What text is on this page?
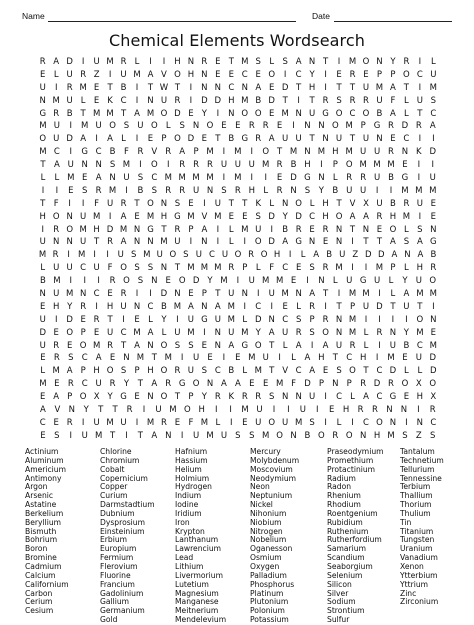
Name	Date
Chemical Elements Wordsearch
R A D	I	U M R L	I	I	H N R E T M S L S A N T	I	M O N Y R	I	L
E L U R Z	I	U M A V O H N E E C E O	I	C Y	I	E R E P P O C U
U	I	R M E T B	I	T W T	I	N N C N A E D T H	I	T T U M A T	I	M
N M U L E K C	I	N U R	I	D D H M B D T	I	T R S R R U F	L U S
G R B T M M T A M O D E Y	I	N O O E M N U G O C O B A L T C
M U	I	M U O S U O L	S N O E	E R R E	I	N N O M P G R D R A
O U D A	I	A L	I	E P O D E T B G R A U U T N U T U N E C	I	I
M C	I	G C B	F	R V R A P M	I	M	I	O T M N M H M U U R N K D
T A U N N S M	I	O	I	R R R U U U M R B H	I	P O M M M E	I	I
L	L M E A N U S C M M M M	I	M	I	I	E D G N L	R R U B G	I	U
I	I	E	S R M	I	B S R R U N S R H L	R N S	Y B U U	I	I	M M M
T F	I	I	F U R T O N S E	I	U T T K L N O L H T V X U B R U E
H O N U M	I	A E M H G M V M E E S D Y D C H O A A R H M	I	E
I	R O M H D M N G T R P A	I	L M U	I	B R E R N T N E O L S N
U N N U T R A N N M U	I	N	I	L	I	O D A G N E N	I	T T A S A G
M R	I M I	I	U S M U O S U C U O R O H	I	L A B U Z D D A N A B
L U U C U F O S S N T M M M R P	L	F C E S R M	I	I	M P	L H R
B M	I	I	I	R O S N E O D Y M	I	U M M E	I	N L U G U L	Y U O
N U M N C E R	I	I	D N E P T U N	I	U M N A T	I	M M	I	L A M M
E H Y R	I	H U N C B M A N A M	I	C	I	E L R	I	T P U D T U T	I
U	I	D E R T	I	E L Y	I	U G U M L D N C S P R N M	I	I	I	I	O N
D E O P E U C M A L U M	I	N U M Y A U R S O N M L R N Y M E
U R E O M R T A N O S S E N A G O T	L A	I	A U R L	I	U B C M
E R S C A E N M T M	I	U E	I	E M U	I	L	A H T C H	I	M E U D
L M A P H O S P H O R U S C B L M T V C A E S O T C D L	L D
M E R C U R Y	T A R G O N A A E	E M F D P N P R D R O X O
E A P O X Y G E N O T P Y R K R R S N N U	I	C L A C G E H X
A	V N	Y	T	T	R	I	U M O H	I	I	M U	I	I	U	I	E	H R	R N N	I	R
C E R	I	U M U	I	M R E F M L	I	E U O U M S	I	L	I	C O N	I	N C
E	S	I	U M T	I	T A N	I	U M U S	S M O N B O R O N H M S Z S
Actinium
Aluminum
Americium
Antimony
Argon
Arsenic
Astatine
Berkelium
Beryllium
Bismuth
Bohrium
Boron
Bromine
Cadmium
Calcium
Californium
Carbon
Cerium
Cesium
Chlorine
Chromium
Cobalt
Copernicium
Copper
Curium
Darmstadtium
Dubnium
Dysprosium
Einsteinium
Erbium
Europium
Fermium
Flerovium
Fluorine
Francium
Gadolinium
Gallium
Germanium
Gold
Hafnium
Hassium
Helium
Holmium
Hydrogen
Indium
Iodine
Iridium
Iron
Krypton
Lanthanum
Lawrencium
Lead
Lithium
Livermorium
Lutetium
Magnesium
Manganese
Meitnerium
Mendelevium
Mercury
Molybdenum
Moscovium
Neodymium
Neon
Neptunium
Nickel
Nihonium
Niobium
Nitrogen
Nobelium
Oganesson
Osmium
Oxygen
Palladium
Phosphorus
Platinum
Plutonium
Polonium
Potassium
Praseodymium
Promethium
Protactinium
Radium
Radon
Rhenium
Rhodium
Roentgenium
Rubidium
Ruthenium
Rutherfordium
Samarium
Scandium
Seaborgium
Selenium
Silicon
Silver
Sodium
Strontium
Sulfur
Tantalum
Technetium
Tellurium
Tennessine
Terbium
Thallium
Thorium
Thulium
Tin
Titanium
Tungsten
Uranium
Vanadium
Xenon
Ytterbium
Yttrium
Zinc
Zirconium
